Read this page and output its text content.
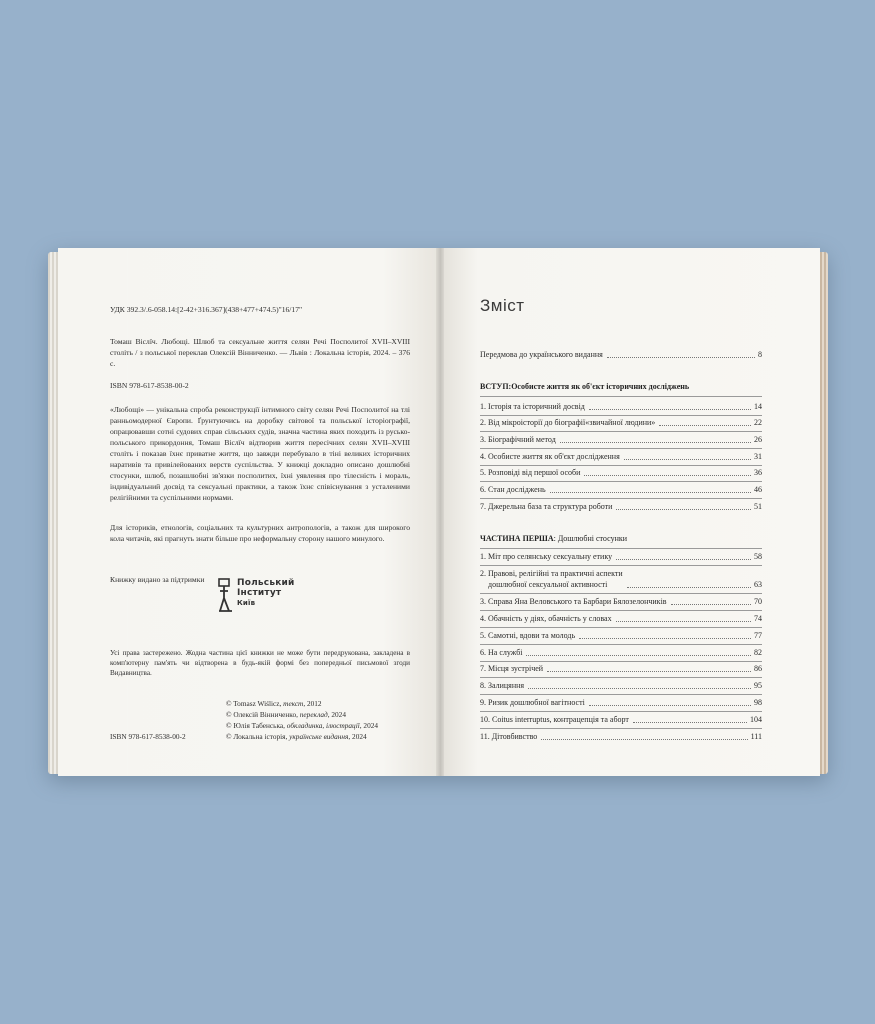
УДК 392.3/.6-058.14:[2-42+316.367](438+477+474.5)"16/17"

Томаш Віслїч. Любощі. Шлюб та сексуальне життя селян Речі Посполитої XVII–XVIII століть / з польської переклав Олексій Вінниченко. — Львів : Локальна історія, 2024. – 376 с.

ISBN 978-617-8538-00-2

«Любощі» — унікальна спроба реконструкції інтимного світу селян Речі Посполитої на тлі ранньомодерної Європи. Ґрунтуючись на доробку світової та польської історіографії, опрацювавши сотні судових справ сільських судів, значна частина яких походить із русько-польського прикордоння, Томаш Віслїч відтворив життя пересічних селян XVII–XVIII століть і показав їхнє приватне життя, що завжди перебувало в тіні великих історичних наративів та привілейованих верств суспільства. У книжці докладно описано дошлюбні стосунки, шлюб, позашлюбні зв'язки посполитих, їхні уявлення про тілесність і мораль, індивідуальний досвід та сексуальні практики, а також їхнє співіснування з усталеними релігійними та суспільними нормами.

Для істориків, етнологів, соціальних та культурних антропологів, а також для широкого кола читачів, які прагнуть знати більше про неформальну сторону нашого минулого.

Книжку видано за підтримки	Польський
Інститут
Київ

Усі права застережено. Жодна частина цієї книжки не може бути передрукована, закладена в комп'ютерну пам'ять чи відтворена в будь-якій формі без попередньої письмової згоди Видавництва.

© Tomasz Wiślicz, текст, 2012
© Олексій Вінниченко, переклад, 2024
© Юлія Табенська, обкладинка, ілюстрації, 2024
© Локальна історія, українське видання, 2024
ISBN 978-617-8538-00-2
Зміст
Передмова до українського видання	8
ВСТУП:Особисте життя як об'єкт історичних досліджень
1. Історія та історичний досвід	14
2. Від мікроісторії до біографії«звичайної людини»	22
3. Біографічний метод	26
4. Особисте життя як об'єкт дослідження	31
5. Розповіді від першої особи	36
6. Стан досліджень	46
7. Джерельна база та структура роботи	51
ЧАСТИНА ПЕРША: Дошлюбні стосунки
1. Міт про селянську сексуальну етику	58
2. Правові, релігійні та практичні аспекти
дошлюбної сексуальної активності	63
3. Справа Яна Веловського та Барбари Бялозелончиків	70
4. Обачність у діях, обачність у словах	74
5. Самотні, вдови та молодь	77
6. На службі	82
7. Місця зустрічей	86
8. Залицяння	95
9. Ризик дошлюбної вагітності	98
10. Coitus interruptus, контрацепція та аборт	104
11. Дітовбивство	111
